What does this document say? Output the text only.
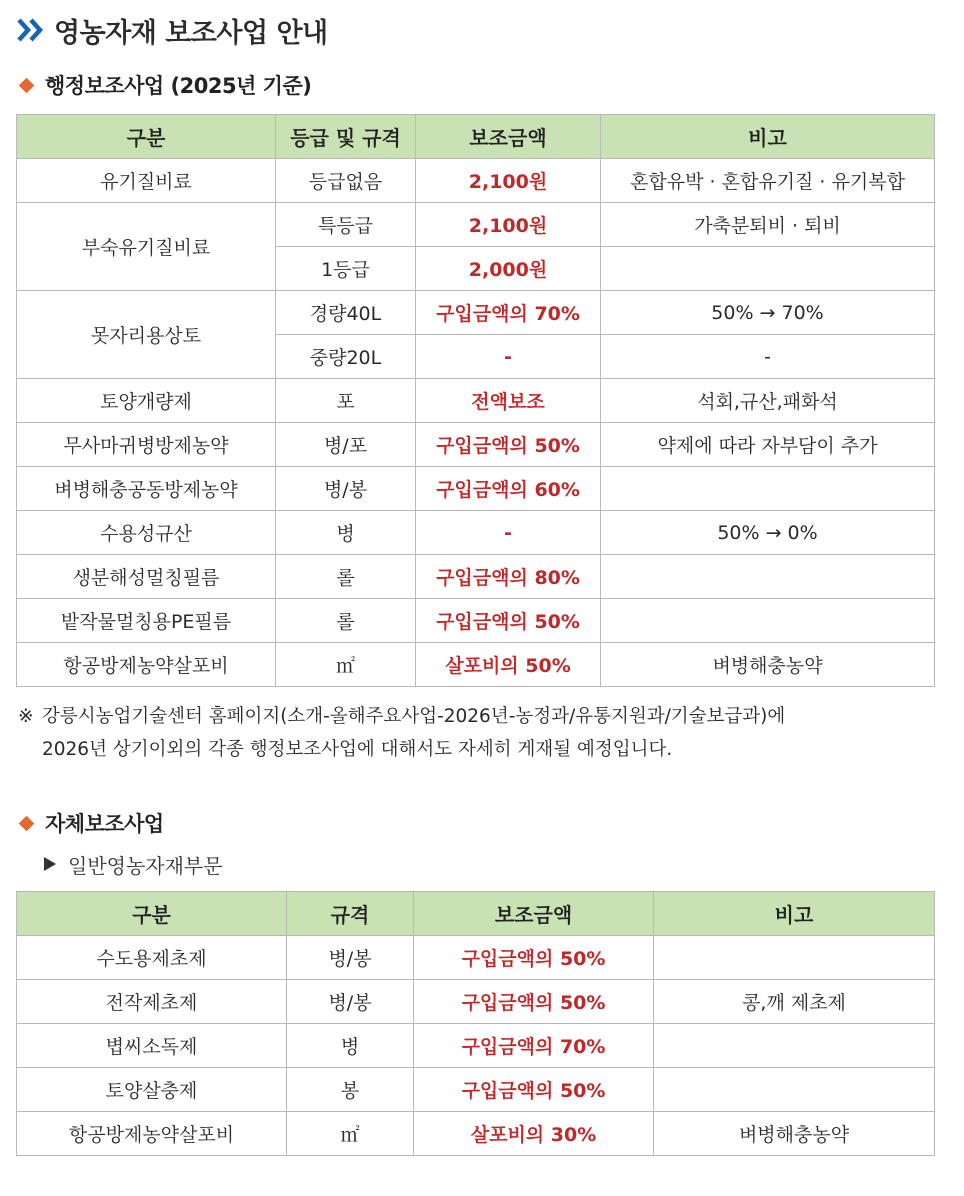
영농자재 보조사업 안내
행정보조사업 (2025년 기준)
구분	등급 및 규격	보조금액	비고
유기질비료	등급없음	2,100원	혼합유박 · 혼합유기질 · 유기복합
부숙유기질비료	특등급	2,100원	가축분퇴비 · 퇴비
	1등급	2,000원	
못자리용상토	경량40L	구입금액의 70%	50% → 70%
	중량20L	-	-
토양개량제	포	전액보조	석회,규산,패화석
무사마귀병방제농약	병/포	구입금액의 50%	약제에 따라 자부담이 추가
벼병해충공동방제농약	병/봉	구입금액의 60%	
수용성규산	병	-	50% → 0%
생분해성멀칭필름	롤	구입금액의 80%	
밭작물멀칭용PE필름	롤	구입금액의 50%	
항공방제농약살포비	㎡	살포비의 50%	벼병해충농약
※ 강릉시농업기술센터 홈페이지(소개-올해주요사업-2026년-농정과/유통지원과/기술보급과)에
2026년 상기이외의 각종 행정보조사업에 대해서도 자세히 게재될 예정입니다.
자체보조사업
일반영농자재부문
구분	규격	보조금액	비고
수도용제초제	병/봉	구입금액의 50%	
전작제초제	병/봉	구입금액의 50%	콩,깨 제초제
볍씨소독제	병	구입금액의 70%	
토양살충제	봉	구입금액의 50%	
항공방제농약살포비	㎡	살포비의 30%	벼병해충농약
